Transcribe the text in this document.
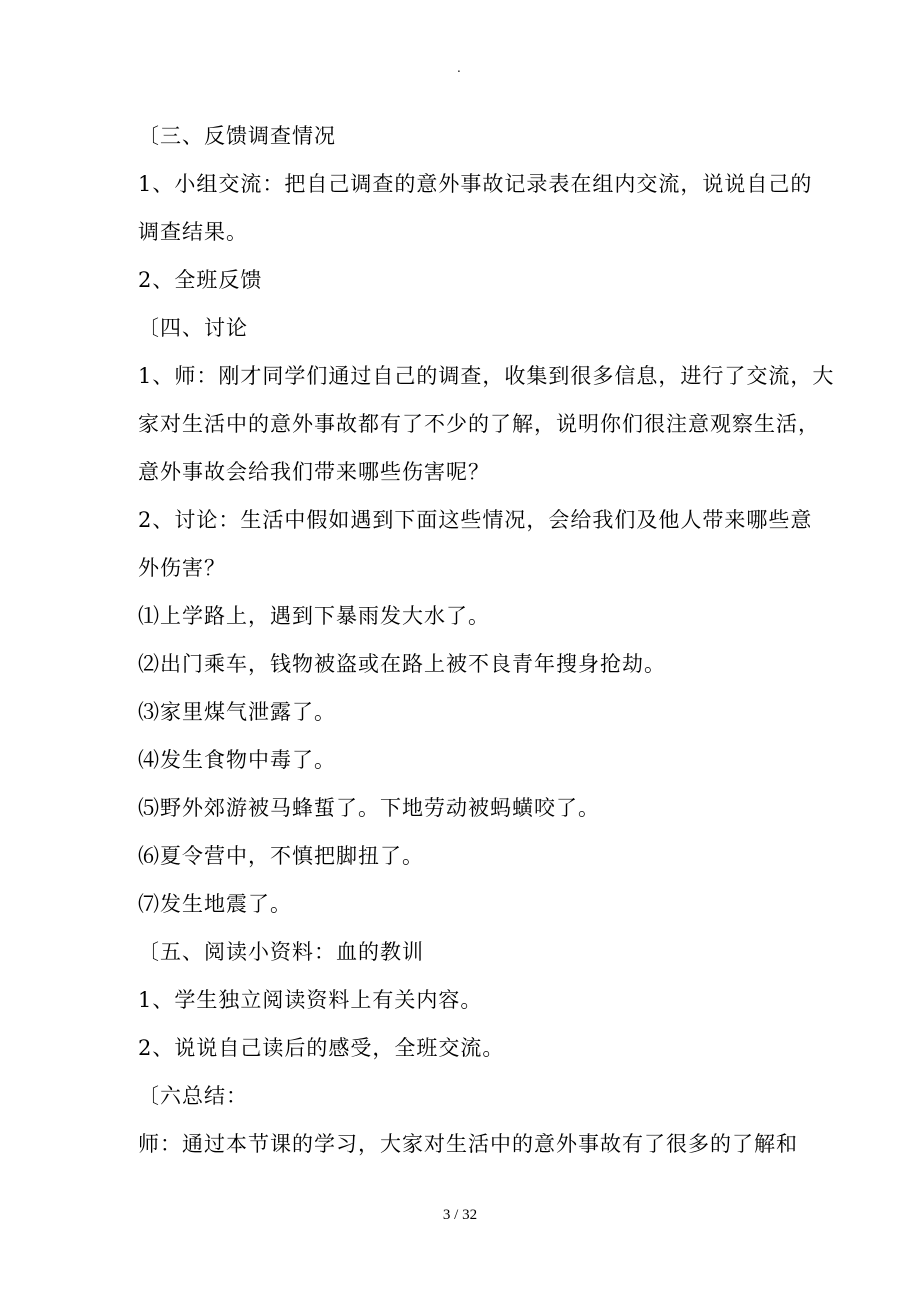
.
〔三、反馈调查情况
1、小组交流：把自己调查的意外事故记录表在组内交流，说说自己的
调查结果。
2、全班反馈
〔四、讨论
1、师：刚才同学们通过自己的调查，收集到很多信息，进行了交流，大
家对生活中的意外事故都有了不少的了解，说明你们很注意观察生活，
意外事故会给我们带来哪些伤害呢？
2、讨论：生活中假如遇到下面这些情况，会给我们及他人带来哪些意
外伤害？
⑴上学路上，遇到下暴雨发大水了。
⑵出门乘车，钱物被盗或在路上被不良青年搜身抢劫。
⑶家里煤气泄露了。
⑷发生食物中毒了。
⑸野外郊游被马蜂蜇了。下地劳动被蚂蟥咬了。
⑹夏令营中，不慎把脚扭了。
⑺发生地震了。
〔五、阅读小资料：血的教训
1、学生独立阅读资料上有关内容。
2、说说自己读后的感受，全班交流。
〔六总结：
师：通过本节课的学习，大家对生活中的意外事故有了很多的了解和
3 / 32
